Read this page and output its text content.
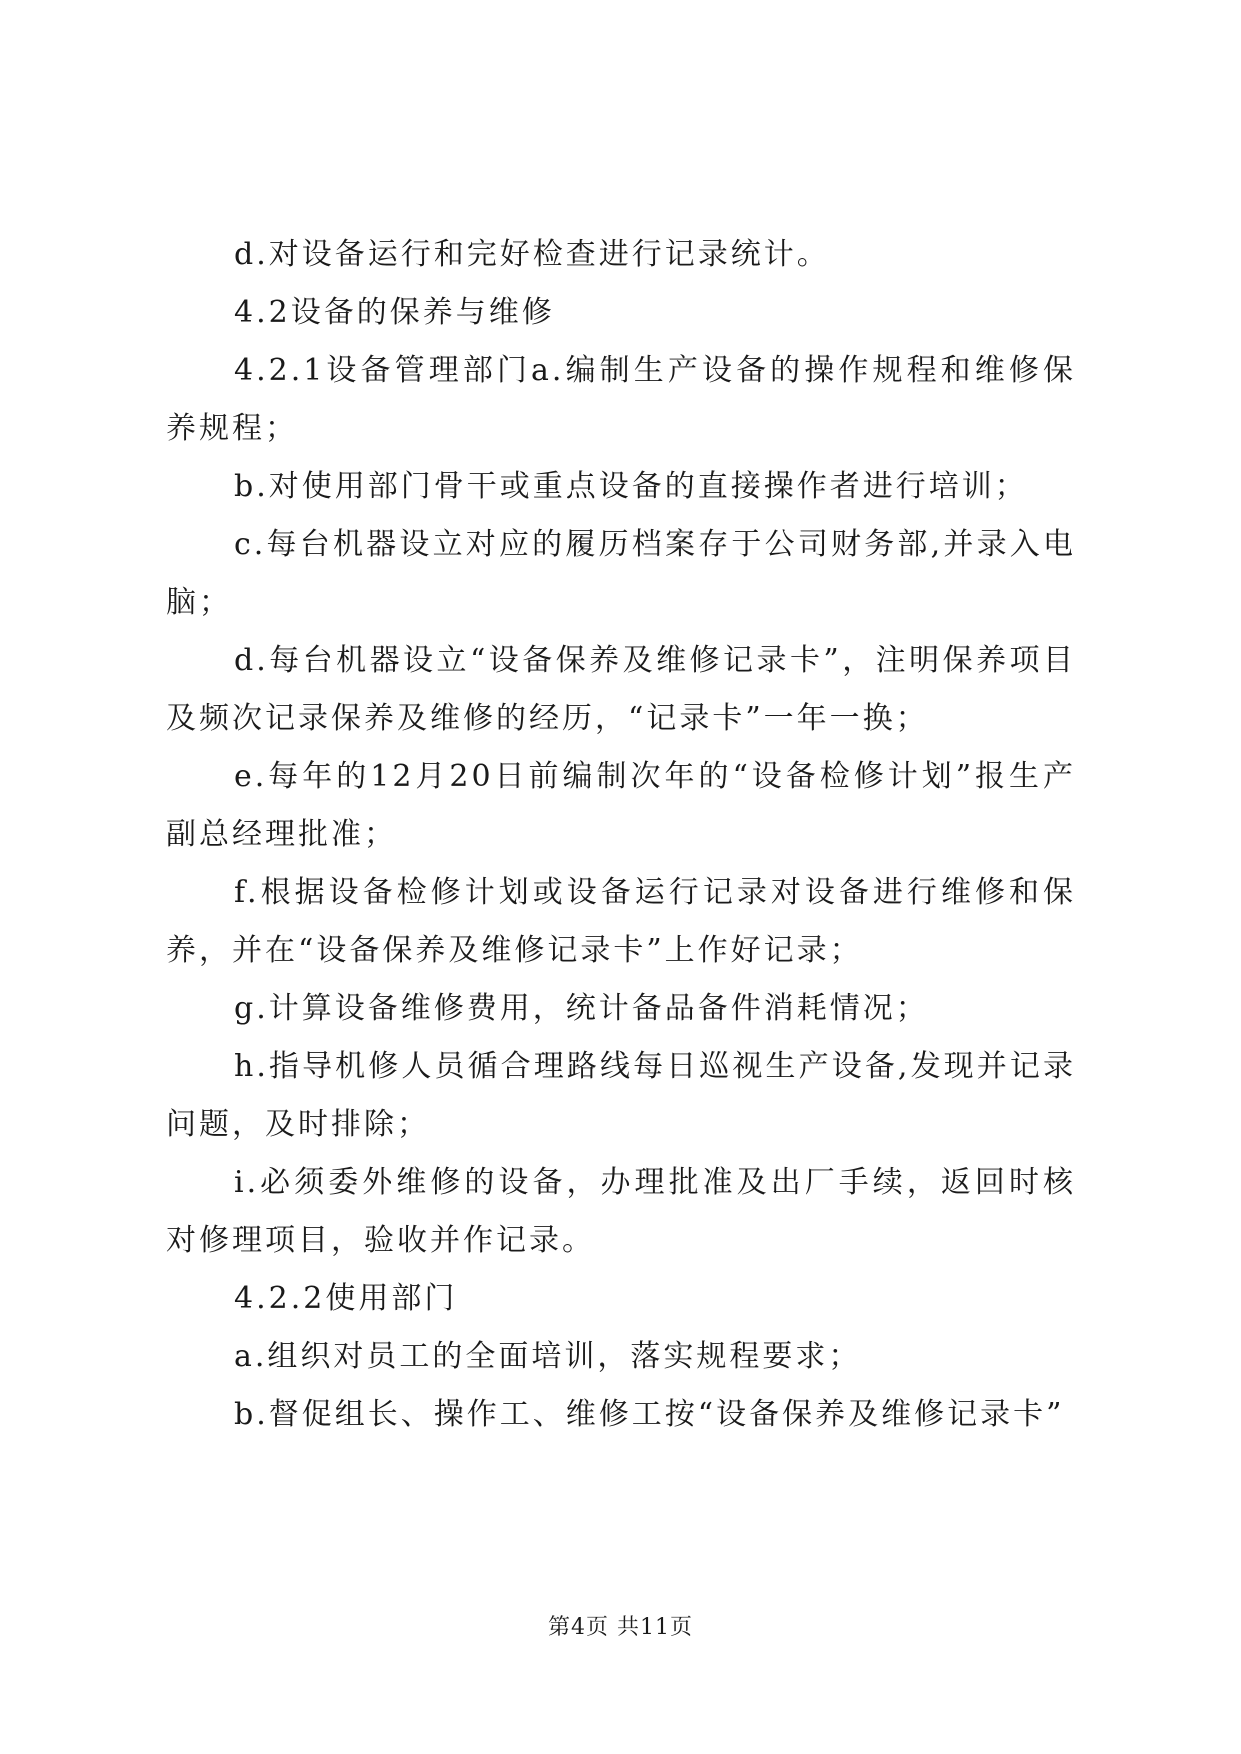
d.对设备运行和完好检查进行记录统计。

4.2设备的保养与维修

4.2.1设备管理部门a.编制生产设备的操作规程和维修保养规程；

b.对使用部门骨干或重点设备的直接操作者进行培训；

c.每台机器设立对应的履历档案存于公司财务部,并录入电脑；

d.每台机器设立“设备保养及维修记录卡”，注明保养项目及频次记录保养及维修的经历，“记录卡”一年一换；

e.每年的12月20日前编制次年的“设备检修计划”报生产副总经理批准；

f.根据设备检修计划或设备运行记录对设备进行维修和保养，并在“设备保养及维修记录卡”上作好记录；

g.计算设备维修费用，统计备品备件消耗情况；

h.指导机修人员循合理路线每日巡视生产设备,发现并记录问题，及时排除；

i.必须委外维修的设备，办理批准及出厂手续，返回时核对修理项目，验收并作记录。

4.2.2使用部门

a.组织对员工的全面培训，落实规程要求；

b.督促组长、操作工、维修工按“设备保养及维修记录卡”

第4页 共11页
